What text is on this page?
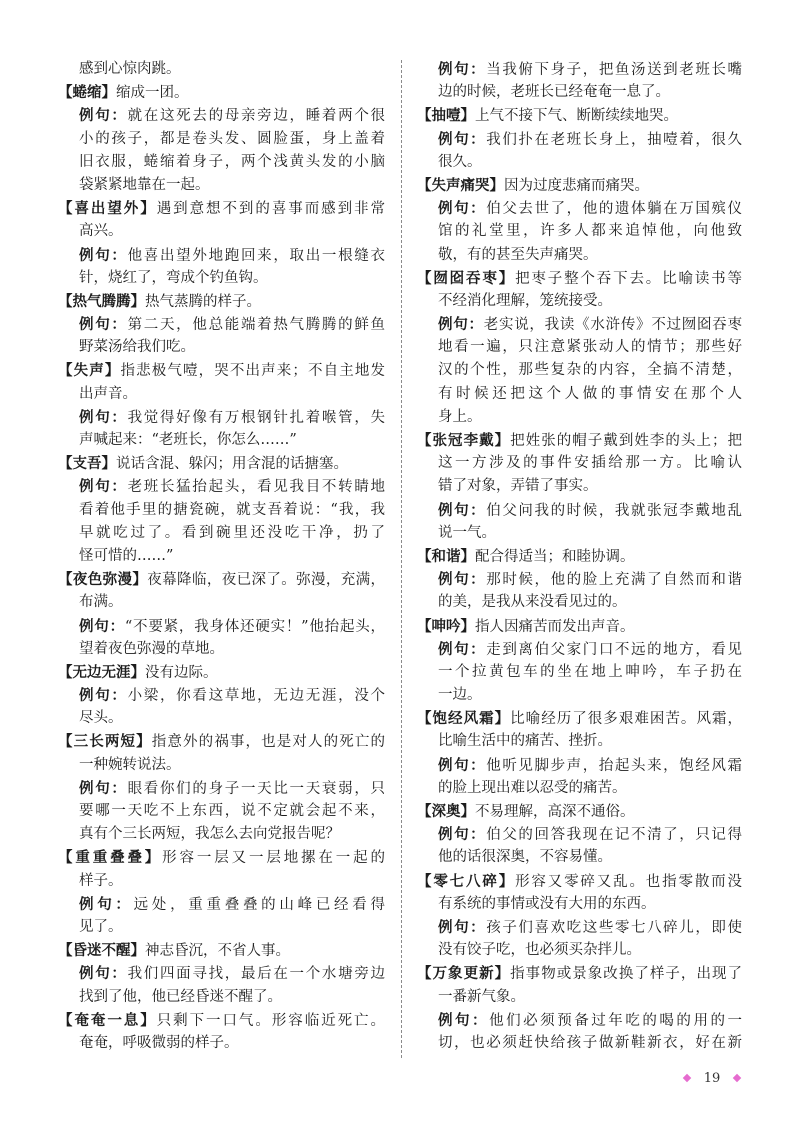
感到心惊肉跳。
【蜷缩】缩成一团。
例句：就在这死去的母亲旁边，睡着两个很
小的孩子，都是卷头发、圆脸蛋，身上盖着
旧衣服，蜷缩着身子，两个浅黄头发的小脑
袋紧紧地靠在一起。
【喜出望外】遇到意想不到的喜事而感到非常
高兴。
例句：他喜出望外地跑回来，取出一根缝衣
针，烧红了，弯成个钓鱼钩。
【热气腾腾】热气蒸腾的样子。
例句：第二天，他总能端着热气腾腾的鲜鱼
野菜汤给我们吃。
【失声】指悲极气噎，哭不出声来；不自主地发
出声音。
例句：我觉得好像有万根钢针扎着喉管，失
声喊起来：“老班长，你怎么……”
【支吾】说话含混、躲闪；用含混的话搪塞。
例句：老班长猛抬起头，看见我目不转睛地
看着他手里的搪瓷碗，就支吾着说：“我，我
早就吃过了。看到碗里还没吃干净，扔了
怪可惜的……”
【夜色弥漫】夜幕降临，夜已深了。弥漫，充满，
布满。
例句：“不要紧，我身体还硬实！”他抬起头，
望着夜色弥漫的草地。
【无边无涯】没有边际。
例句：小梁，你看这草地，无边无涯，没个
尽头。
【三长两短】指意外的祸事，也是对人的死亡的
一种婉转说法。
例句：眼看你们的身子一天比一天衰弱，只
要哪一天吃不上东西，说不定就会起不来，
真有个三长两短，我怎么去向党报告呢？
【重重叠叠】形容一层又一层地摞在一起的
样子。
例句：远处，重重叠叠的山峰已经看得
见了。
【昏迷不醒】神志昏沉，不省人事。
例句：我们四面寻找，最后在一个水塘旁边
找到了他，他已经昏迷不醒了。
【奄奄一息】只剩下一口气。形容临近死亡。
奄奄，呼吸微弱的样子。
例句：当我俯下身子，把鱼汤送到老班长嘴
边的时候，老班长已经奄奄一息了。
【抽噎】上气不接下气、断断续续地哭。
例句：我们扑在老班长身上，抽噎着，很久
很久。
【失声痛哭】因为过度悲痛而痛哭。
例句：伯父去世了，他的遗体躺在万国殡仪
馆的礼堂里，许多人都来追悼他，向他致
敬，有的甚至失声痛哭。
【囫囵吞枣】把枣子整个吞下去。比喻读书等
不经消化理解，笼统接受。
例句：老实说，我读《水浒传》不过囫囵吞枣
地看一遍，只注意紧张动人的情节；那些好
汉的个性，那些复杂的内容，全搞不清楚，
有时候还把这个人做的事情安在那个人
身上。
【张冠李戴】把姓张的帽子戴到姓李的头上；把
这一方涉及的事件安插给那一方。比喻认
错了对象，弄错了事实。
例句：伯父问我的时候，我就张冠李戴地乱
说一气。
【和谐】配合得适当；和睦协调。
例句：那时候，他的脸上充满了自然而和谐
的美，是我从来没看见过的。
【呻吟】指人因痛苦而发出声音。
例句：走到离伯父家门口不远的地方，看见
一个拉黄包车的坐在地上呻吟，车子扔在
一边。
【饱经风霜】比喻经历了很多艰难困苦。风霜，
比喻生活中的痛苦、挫折。
例句：他听见脚步声，抬起头来，饱经风霜
的脸上现出难以忍受的痛苦。
【深奥】不易理解，高深不通俗。
例句：伯父的回答我现在记不清了，只记得
他的话很深奥，不容易懂。
【零七八碎】形容又零碎又乱。也指零散而没
有系统的事情或没有大用的东西。
例句：孩子们喜欢吃这些零七八碎儿，即使
没有饺子吃，也必须买杂拌儿。
【万象更新】指事物或景象改换了样子，出现了
一番新气象。
例句：他们必须预备过年吃的喝的用的一
切，也必须赶快给孩子做新鞋新衣，好在新
19
